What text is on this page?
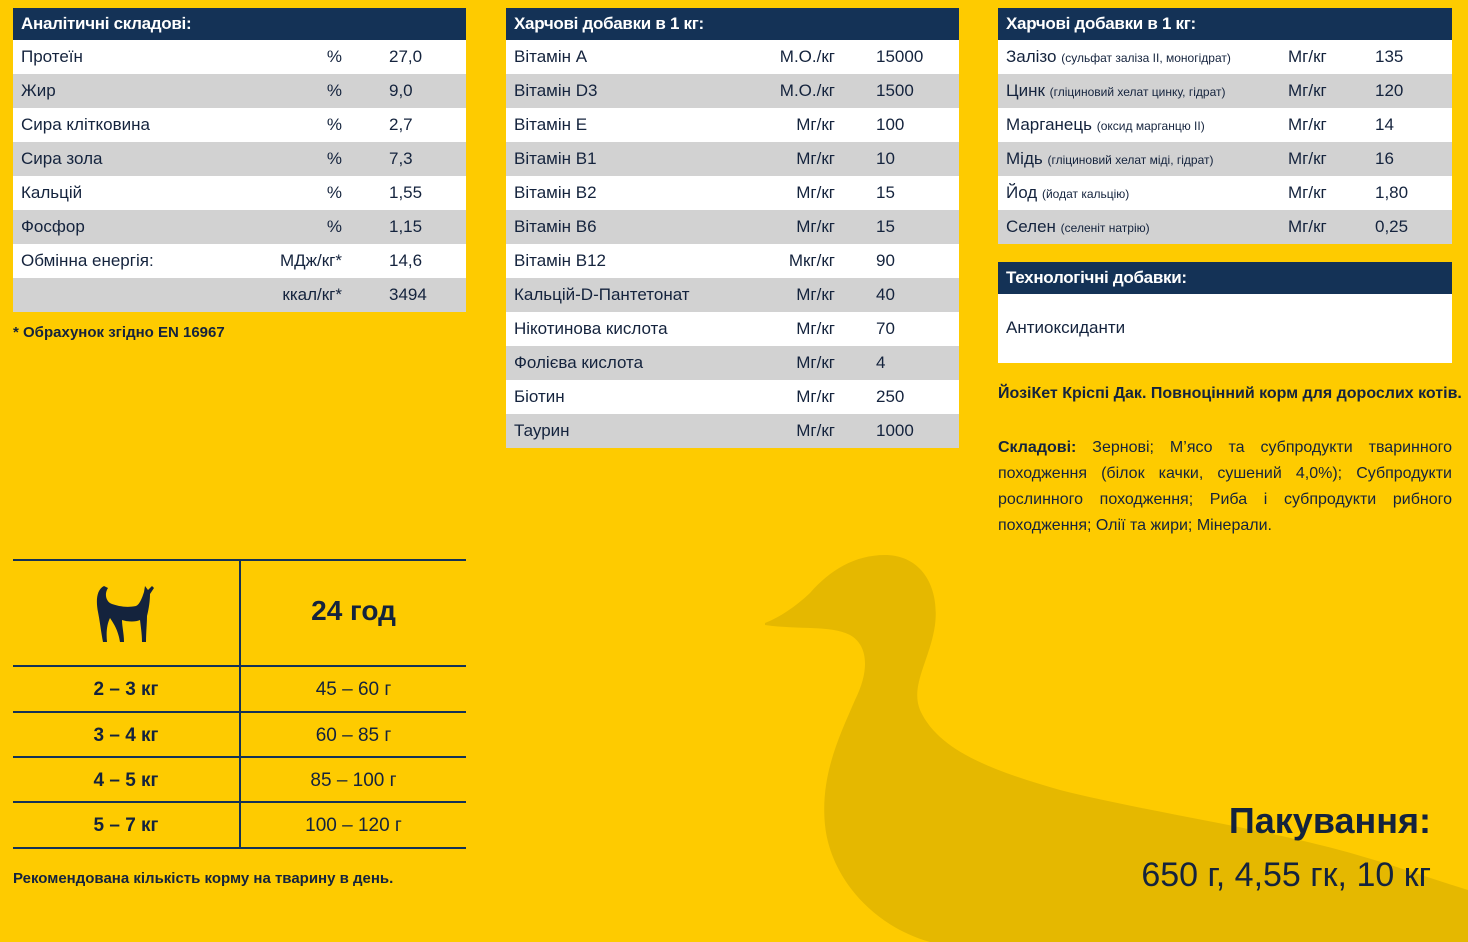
Аналітичні складові:
Протеїн	%	27,0
Жир	%	9,0
Сира клітковина	%	2,7
Сира зола	%	7,3
Кальцій	%	1,55
Фосфор	%	1,15
Обмінна енергія:	МДж/кг*	14,6
ккал/кг*	3494
* Обрахунок згідно EN 16967
Харчові добавки в 1 кг:
Вітамін A	М.О./кг 15000
Вітамін D3	М.О./кг 1500
Вітамін E	Мг/кг 100
Вітамін B1	Мг/кг 10
Вітамін B2	Мг/кг 15
Вітамін B6	Мг/кг 15
Вітамін B12	Мкг/кг 90
Кальцій-D-Пантетонат	Мг/кг 40
Нікотинова кислота	Мг/кг 70
Фолієва кислота	Мг/кг 4
Біотин	Мг/кг 250
Таурин	Мг/кг 1000
Харчові добавки в 1 кг:
Залізо (сульфат заліза II, моногідрат)	Мг/кг	135
Цинк (гліциновий хелат цинку, гідрат)	Мг/кг	120
Марганець (оксид марганцю II)	Мг/кг	14
Мідь (гліциновий хелат міді, гідрат)	Мг/кг	16
Йод (йодат кальцію)	Мг/кг	1,80
Селен (селеніт натрію)	Мг/кг	0,25
Технологічні добавки:
Антиоксиданти
ЙозіКет Кріспі Дак. Повноцінний корм для дорослих котів.
Складові: Зернові; М’ясо та субпродукти тваринного походження (білок качки, сушений 4,0%); Субпродукти рослинного походження; Риба і субпродукти рибного походження; Олії та жири; Мінерали.
24 год
2 – 3 кг	45 – 60 г
3 – 4 кг	60 – 85 г
4 – 5 кг	85 – 100 г
5 – 7 кг	100 – 120 г
Рекомендована кількість корму на тварину в день.
Пакування:
650 г, 4,55 гк, 10 кг
